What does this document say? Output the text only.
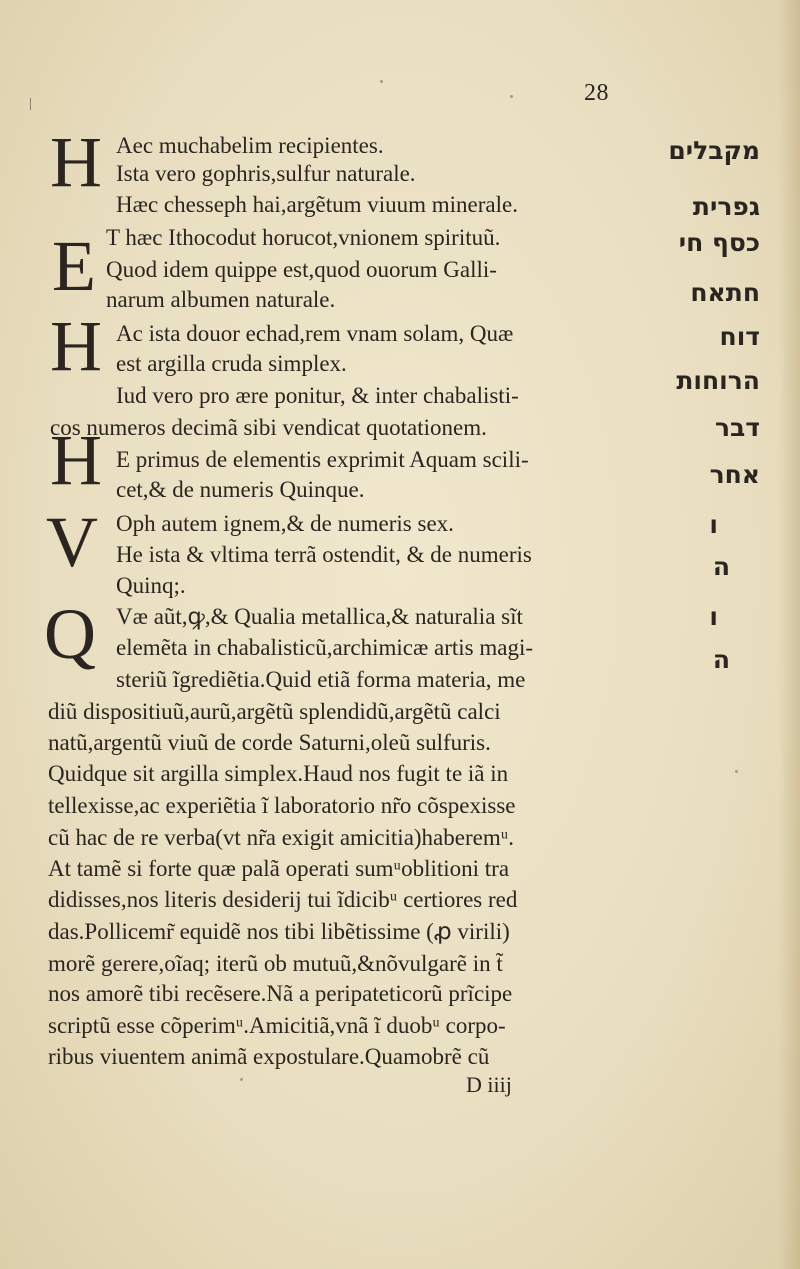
28
H
E
H
H
V
Q
Aec muchabelim recipientes.
Ista vero gophris,sulfur naturale.
Hæc chesseph hai,argẽtum viuum minerale.
T hæc Ithocodut horucot,vnionem spirituũ.
Quod idem quippe est,quod ouorum Galli-
narum albumen naturale.
Ac ista douor echad,rem vnam solam, Quæ
est argilla cruda simplex.
Iud vero pro ære ponitur, & inter chabalisti-
cos numeros decimã sibi vendicat quotationem.
E primus de elementis exprimit Aquam scili-
cet,& de numeris Quinque.
Oph autem ignem,& de numeris sex.
He ista & vltima terrã ostendit, & de numeris
Quinq;.
Væ aũt,ꝙ,& Qualia metallica,& naturalia sĩt
elemẽta in chabalisticũ,archimicæ artis magi-
steriũ ĩgrediẽtia.Quid etiã forma materia, me
diũ dispositiuũ,aurũ,argẽtũ splendidũ,argẽtũ calci
natũ,argentũ viuũ de corde Saturni,oleũ sulfuris.
Quidque sit argilla simplex.Haud nos fugit te iã in
tellexisse,ac experiẽtia ĩ laboratorio nr̃o cõspexisse
cũ hac de re verba(vt nr̃a exigit amicitia)haberemᵘ.
At tamẽ si forte quæ palã operati sumᵘoblitioni tra
didisses,nos literis desiderij tui ĩdicibᵘ certiores red
das.Pollicemr̃ equidẽ nos tibi libẽtissime (ꝓ virili)
morẽ gerere,oĩaq; iterũ ob mutuũ,&nõvulgarẽ in t̃
nos amorẽ tibi recẽsere.Nã a peripateticorũ prĩcipe
scriptũ esse cõperimᵘ.Amicitiã,vnã ĩ duobᵘ corpo-
ribus viuentem animã expostulare.Quamobrẽ cũ
מקבלים
גפרית
כסף חי
חתאח
דוח
הרוחות
דבר
אחר
ו
ה
ו
ה
D iiij
